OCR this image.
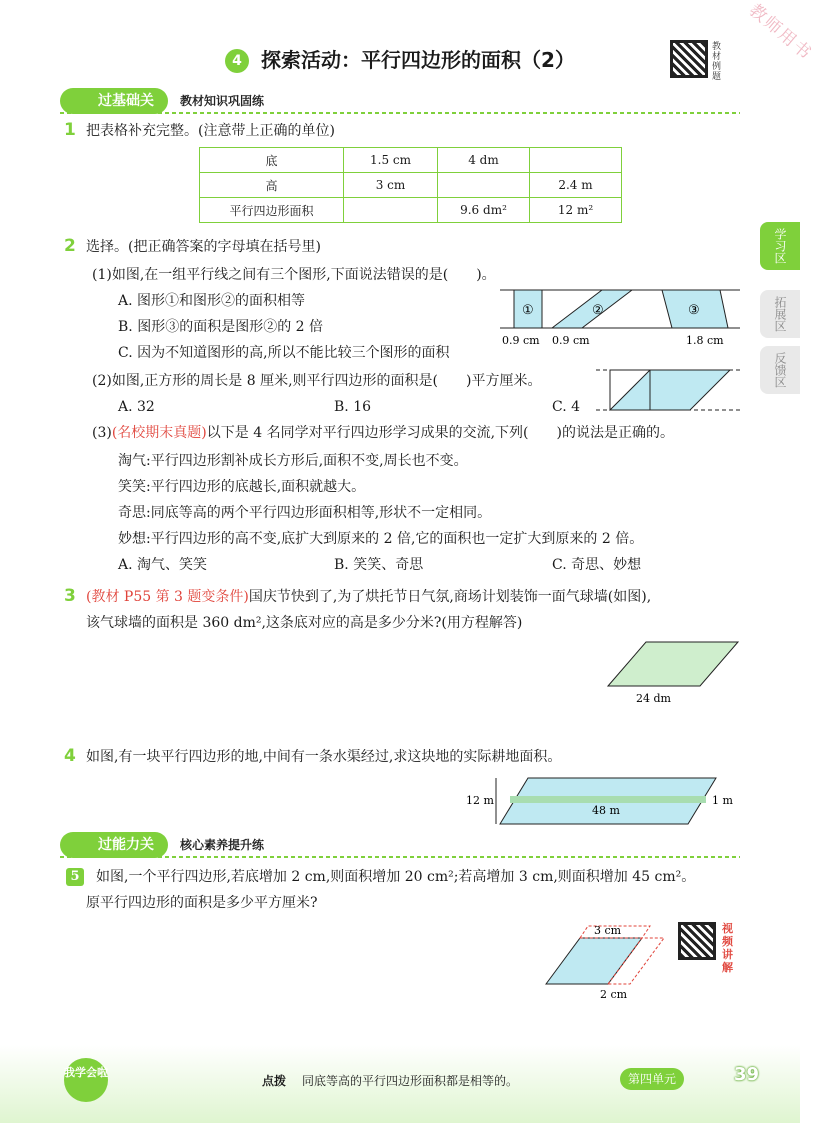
4 探索活动：平行四边形的面积（2）
教材例题
教师用书
过基础关	教材知识巩固练
1 把表格补充完整。(注意带上正确的单位)
底	1.5 cm	4 dm	
高	3 cm		2.4 m
平行四边形面积		9.6 dm²	12 m²
2 选择。(把正确答案的字母填在括号里)
(1)如图,在一组平行线之间有三个图形,下面说法错误的是(　　)。
A. 图形①和图形②的面积相等
B. 图形③的面积是图形②的 2 倍
C. 因为不知道图形的高,所以不能比较三个图形的面积
①	②	③
0.9 cm 0.9 cm	1.8 cm
(2)如图,正方形的周长是 8 厘米,则平行四边形的面积是(　　)平方厘米。
A. 32	B. 16	C. 4
(3)(名校期末真题)以下是 4 名同学对平行四边形学习成果的交流,下列(　　)的说法是正确的。
淘气:平行四边形割补成长方形后,面积不变,周长也不变。
笑笑:平行四边形的底越长,面积就越大。
奇思:同底等高的两个平行四边形面积相等,形状不一定相同。
妙想:平行四边形的高不变,底扩大到原来的 2 倍,它的面积也一定扩大到原来的 2 倍。
A. 淘气、笑笑	B. 笑笑、奇思	C. 奇思、妙想
3 (教材 P55 第 3 题变条件)国庆节快到了,为了烘托节日气氛,商场计划装饰一面气球墙(如图),
该气球墙的面积是 360 dm²,这条底对应的高是多少分米?(用方程解答)
24 dm
4 如图,有一块平行四边形的地,中间有一条水渠经过,求这块地的实际耕地面积。
12 m
48 m
1 m
过能力关	核心素养提升练
5	如图,一个平行四边形,若底增加 2 cm,则面积增加 20 cm²;若高增加 3 cm,则面积增加 45 cm²。
原平行四边形的面积是多少平方厘米?
3 cm
2 cm
视频讲解
学习区
拓展区
反馈区
我学会啦
点拨 同底等高的平行四边形面积都是相等的。	第四单元	39
